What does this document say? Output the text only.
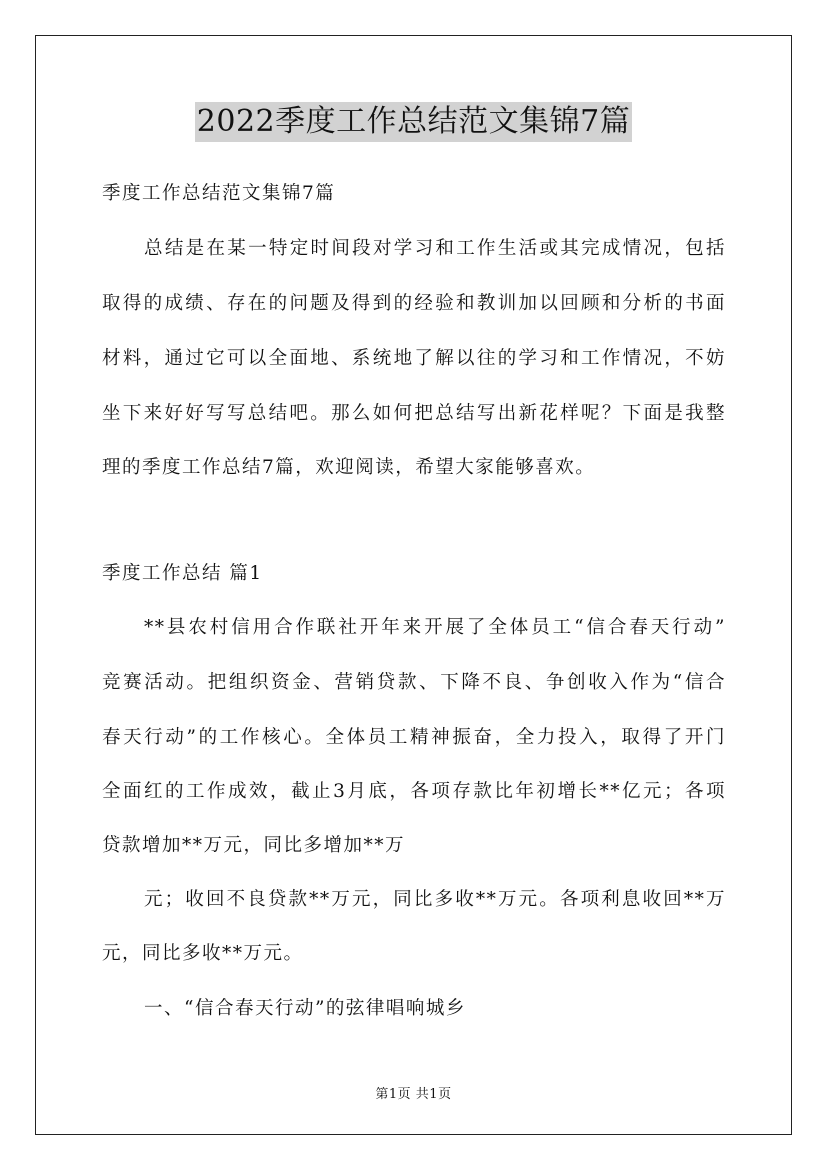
2022季度工作总结范文集锦7篇
季度工作总结范文集锦7篇
总结是在某一特定时间段对学习和工作生活或其完成情况，包括
取得的成绩、存在的问题及得到的经验和教训加以回顾和分析的书面
材料，通过它可以全面地、系统地了解以往的学习和工作情况，不妨
坐下来好好写写总结吧。那么如何把总结写出新花样呢？下面是我整
理的季度工作总结7篇，欢迎阅读，希望大家能够喜欢。
季度工作总结 篇1
**县农村信用合作联社开年来开展了全体员工“信合春天行动”
竞赛活动。把组织资金、营销贷款、下降不良、争创收入作为“信合
春天行动”的工作核心。全体员工精神振奋，全力投入，取得了开门
全面红的工作成效，截止3月底，各项存款比年初增长**亿元；各项
贷款增加**万元，同比多增加**万
元；收回不良贷款**万元，同比多收**万元。各项利息收回**万
元，同比多收**万元。
一、“信合春天行动”的弦律唱响城乡
第1页 共1页
